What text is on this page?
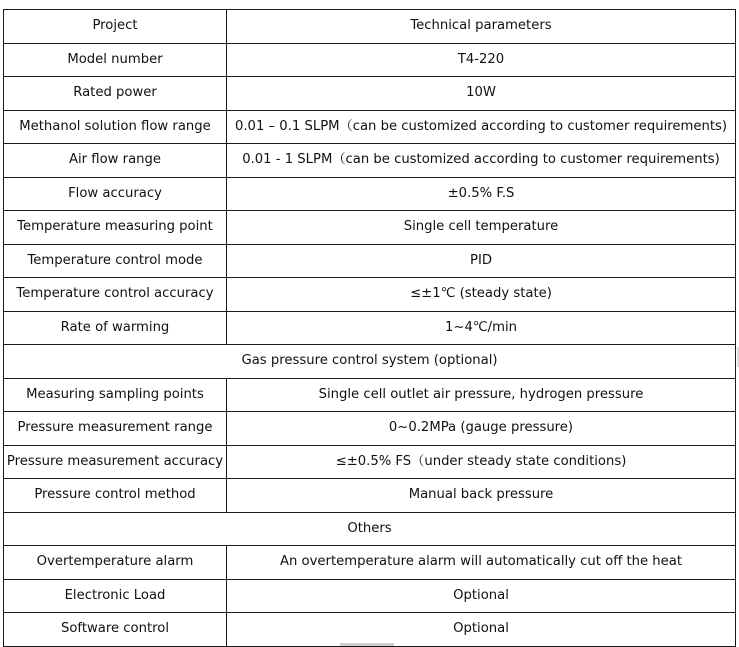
Project	Technical parameters
Model number	T4-220
Rated power	10W
Methanol solution flow range	0.01 – 0.1 SLPM（can be customized according to customer requirements)
Air flow range	0.01 - 1 SLPM（can be customized according to customer requirements)
Flow accuracy	±0.5% F.S
Temperature measuring point	Single cell temperature
Temperature control mode	PID
Temperature control accuracy	≤±1℃ (steady state)
Rate of warming	1~4℃/min
Gas pressure control system (optional)	
Measuring sampling points	Single cell outlet air pressure, hydrogen pressure
Pressure measurement range	0~0.2MPa (gauge pressure)
Pressure measurement accuracy	≤±0.5% FS（under steady state conditions)
Pressure control method	Manual back pressure
Others	
Overtemperature alarm	An overtemperature alarm will automatically cut off the heat
Electronic Load	Optional
Software control	Optional
